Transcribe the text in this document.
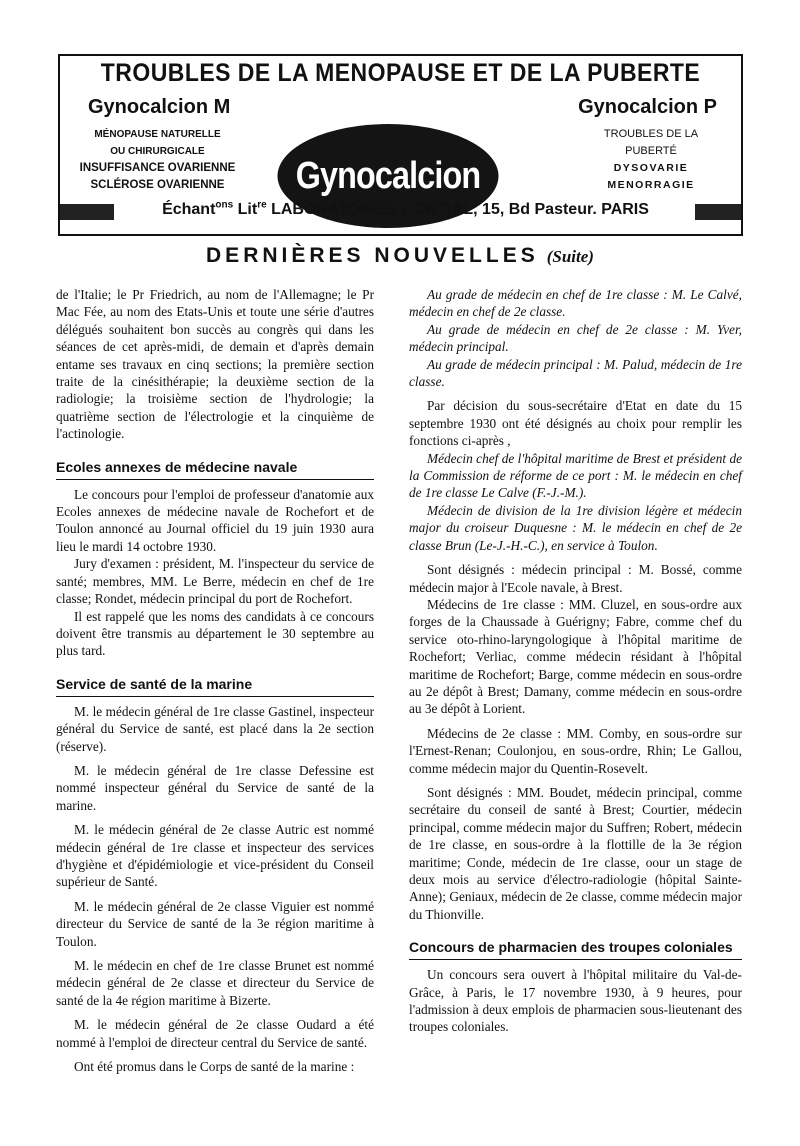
TROUBLES DE LA MENOPAUSE ET DE LA PUBERTE
Gynocalcion M	Gynocalcion P
MÉNOPAUSE NATURELLE
OU CHIRURGICALE
INSUFFISANCE OVARIENNE
SCLÉROSE OVARIENNE	Gynocalcion
TROUBLES DE LA
PUBERTÉ
DYSOVARIE
MENORRAGIE
Échant$^{ons}$ Lit$^{re}$ LABORATOIRES CORTIAL, 15, Bd Pasteur. PARIS
DERNIÈRES NOUVELLES (Suite)

de l'Italie; le Pr Friedrich, au nom de l'Allemagne; le Pr Mac Fée, au nom des Etats-Unis et toute une série d'autres délégués souhaitent bon succès au congrès qui dans les séances de cet après-midi, de demain et d'après demain entame ses travaux en cinq sections; la première section traite de la cinésithérapie; la deuxième section de la radiologie; la troisième section de l'hydrologie; la quatrième section de l'électrologie et la cinquième de l'actinologie.

Ecoles annexes de médecine navale

Le concours pour l'emploi de professeur d'anatomie aux Ecoles annexes de médecine navale de Rochefort et de Toulon annoncé au Journal officiel du 19 juin 1930 aura lieu le mardi 14 octobre 1930.

Jury d'examen : président, M. l'inspecteur du service de santé; membres, MM. Le Berre, médecin en chef de 1re classe; Rondet, médecin principal du port de Rochefort.

Il est rappelé que les noms des candidats à ce concours doivent être transmis au département le 30 septembre au plus tard.

Service de santé de la marine

M. le médecin général de 1re classe Gastinel, inspecteur général du Service de santé, est placé dans la 2e section (réserve).

M. le médecin général de 1re classe Defessine est nommé inspecteur général du Service de santé de la marine.

M. le médecin général de 2e classe Autric est nommé médecin général de 1re classe et inspecteur des services d'hygiène et d'épidémiologie et vice-président du Conseil supérieur de Santé.

M. le médecin général de 2e classe Viguier est nommé directeur du Service de santé de la 3e région maritime à Toulon.

M. le médecin en chef de 1re classe Brunet est nommé médecin général de 2e classe et directeur du Service de santé de la 4e région maritime à Bizerte.

M. le médecin général de 2e classe Oudard a été nommé à l'emploi de directeur central du Service de santé.

Ont été promus dans le Corps de santé de la marine :

Au grade de médecin en chef de 1re classe : M. Le Calvé, médecin en chef de 2e classe.

Au grade de médecin en chef de 2e classe : M. Yver, médecin principal.

Au grade de médecin principal : M. Palud, médecin de 1re classe.

Par décision du sous-secrétaire d'Etat en date du 15 septembre 1930 ont été désignés au choix pour remplir les fonctions ci-après ,

Médecin chef de l'hôpital maritime de Brest et président de la Commission de réforme de ce port : M. le médecin en chef de 1re classe Le Calve (F.-J.-M.).

Médecin de division de la 1re division légère et médecin major du croiseur Duquesne : M. le médecin en chef de 2e classe Brun (Le-J.-H.-C.), en service à Toulon.

Sont désignés : médecin principal : M. Bossé, comme médecin major à l'Ecole navale, à Brest.

Médecins de 1re classe : MM. Cluzel, en sous-ordre aux forges de la Chaussade à Guérigny; Fabre, comme chef du service oto-rhino-laryngologique à l'hôpital maritime de Rochefort; Verliac, comme médecin résidant à l'hôpital maritime de Rochefort; Barge, comme médecin en sous-ordre au 2e dépôt à Brest; Damany, comme médecin en sous-ordre au 3e dépôt à Lorient.

Médecins de 2e classe : MM. Comby, en sous-ordre sur l'Ernest-Renan; Coulonjou, en sous-ordre, Rhin; Le Gallou, comme médecin major du Quentin-Rosevelt.

Sont désignés : MM. Boudet, médecin principal, comme secrétaire du conseil de santé à Brest; Courtier, médecin principal, comme médecin major du Suffren; Robert, médecin de 1re classe, en sous-ordre à la flottille de la 3e région maritime; Conde, médecin de 1re classe, oour un stage de deux mois au service d'électro-radiologie (hôpital Sainte-Anne); Geniaux, médecin de 2e classe, comme médecin major du Thionville.

Concours de pharmacien des troupes coloniales

Un concours sera ouvert à l'hôpital militaire du Val-de-Grâce, à Paris, le 17 novembre 1930, à 9 heures, pour l'admission à deux emplois de pharmacien sous-lieutenant des troupes coloniales.
